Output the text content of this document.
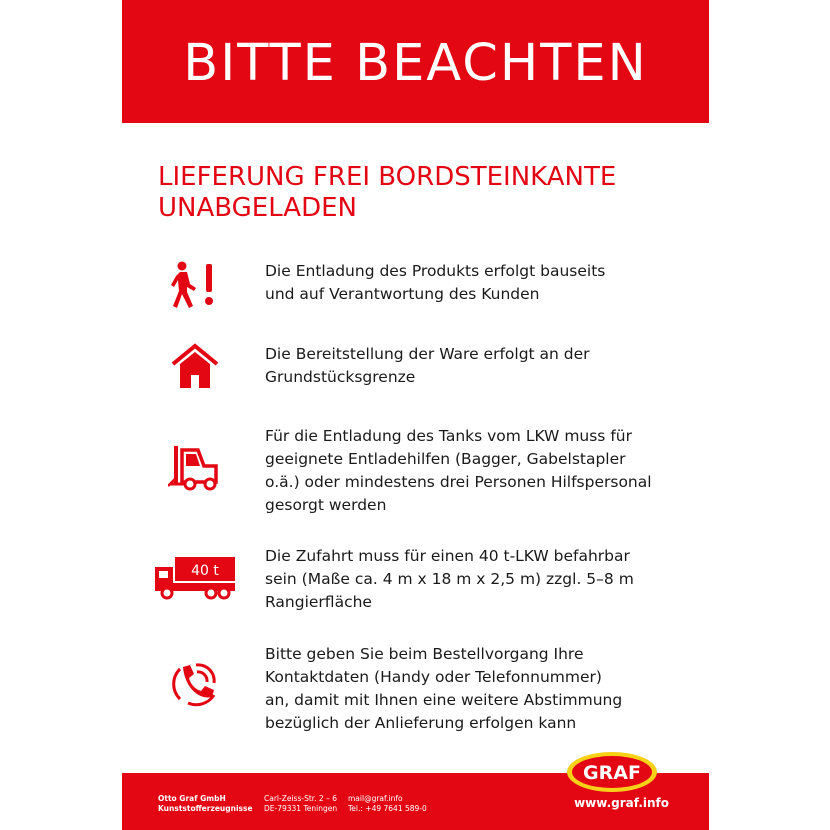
BITTE BEACHTEN
LIEFERUNG FREI BORDSTEINKANTE
UNABGELADEN
Die Entladung des Produkts erfolgt bauseits
und auf Verantwortung des Kunden
Die Bereitstellung der Ware erfolgt an der
Grundstücksgrenze
Für die Entladung des Tanks vom LKW muss für
geeignete Entladehilfen (Bagger, Gabelstapler
o.ä.) oder mindestens drei Personen Hilfspersonal
gesorgt werden
40 t
Die Zufahrt muss für einen 40 t-LKW befahrbar
sein (Maße ca. 4 m x 18 m x 2,5 m) zzgl. 5–8 m
Rangierfläche
Bitte geben Sie beim Bestellvorgang Ihre
Kontaktdaten (Handy oder Telefonnummer)
an, damit mit Ihnen eine weitere Abstimmung
bezüglich der Anlieferung erfolgen kann
Otto Graf GmbH
Kunststofferzeugnisse
Carl-Zeiss-Str. 2 – 6
DE-79331 Teningen
mail@graf.info
Tel.: +49 7641 589-0	www.graf.info
GRAF
